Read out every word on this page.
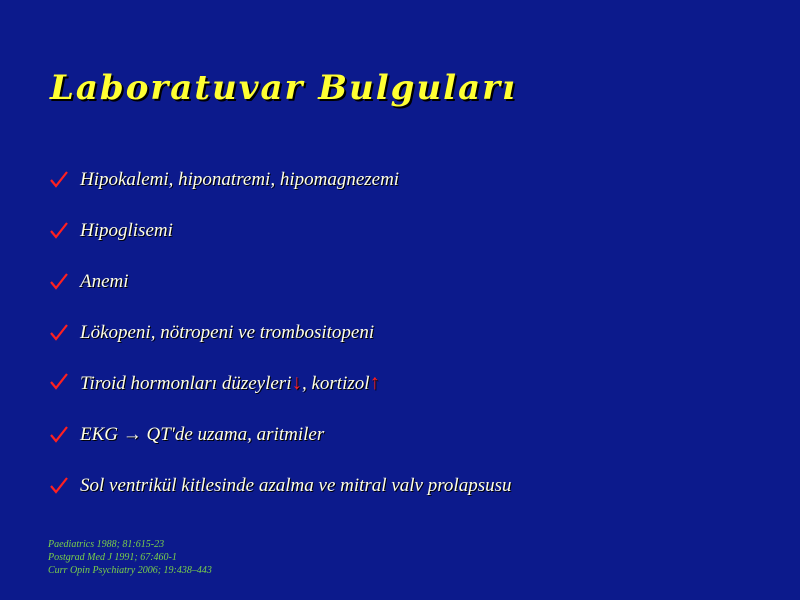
Laboratuvar Bulguları
Hipokalemi, hiponatremi, hipomagnezemi
Hipoglisemi
Anemi
Lökopeni, nötropeni ve trombositopeni
Tiroid hormonları düzeyleri↓, kortizol↑
EKG → QT'de uzama, aritmiler
Sol ventrikül kitlesinde azalma ve mitral valv prolapsusu
Paediatrics 1988; 81:615-23
Postgrad Med J 1991; 67:460-1
Curr Opin Psychiatry 2006; 19:438–443
